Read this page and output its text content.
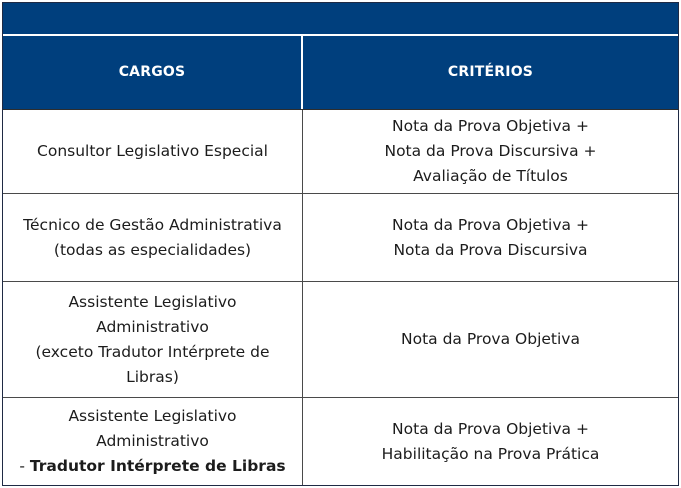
CARGOS	CRITÉRIOS
Consultor Legislativo Especial
Nota da Prova Objetiva +
Nota da Prova Discursiva +
Avaliação de Títulos
Técnico de Gestão Administrativa
(todas as especialidades)
Nota da Prova Objetiva +
Nota da Prova Discursiva
Assistente Legislativo
Administrativo
(exceto Tradutor Intérprete de
Libras)
Nota da Prova Objetiva
Assistente Legislativo
Administrativo
- Tradutor Intérprete de Libras
Nota da Prova Objetiva +
Habilitação na Prova Prática
